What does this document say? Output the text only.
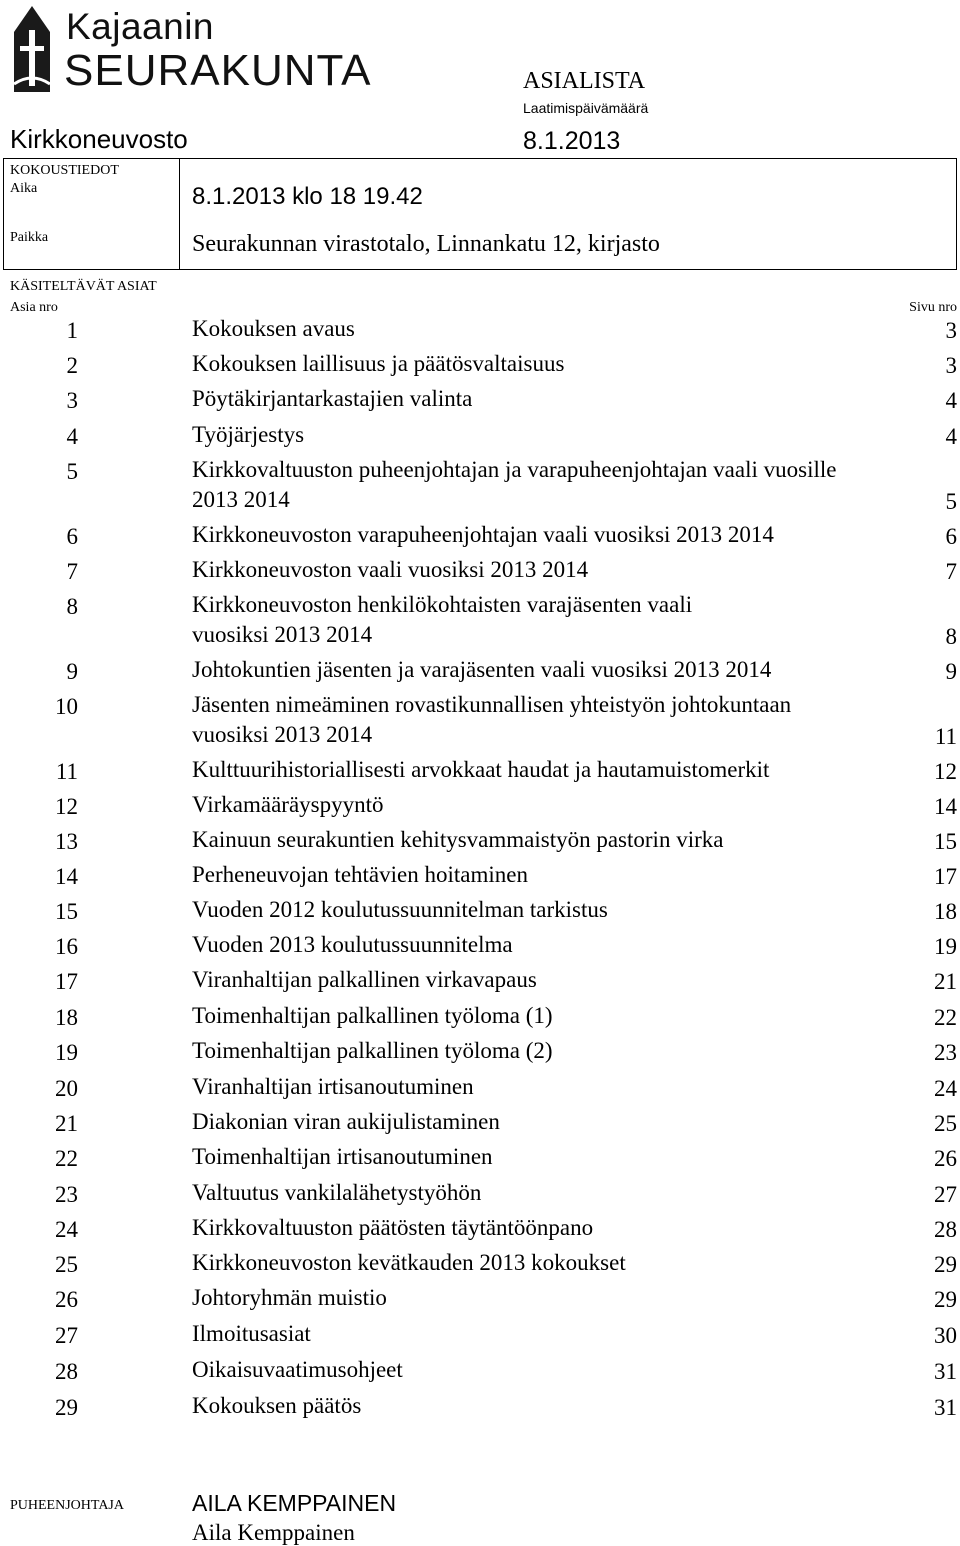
Kajaanin
SEURAKUNTA	ASIALISTA
Laatimispäivämäärä
Kirkkoneuvosto	8.1.2013
KOKOUSTIEDOT
Aika	8.1.2013 klo 18 19.42
Paikka	Seurakunnan virastotalo, Linnankatu 12, kirjasto
KÄSITELTÄVÄT ASIAT
Asia nro	Sivu nro
1	Kokouksen avaus	3
2	Kokouksen laillisuus ja päätösvaltaisuus	3
3	Pöytäkirjantarkastajien valinta	4
4	Työjärjestys	4
5	Kirkkovaltuuston puheenjohtajan ja varapuheenjohtajan vaali vuosille
2013 2014	5
6	Kirkkoneuvoston varapuheenjohtajan vaali vuosiksi 2013 2014	6
7	Kirkkoneuvoston vaali vuosiksi 2013 2014	7
8	Kirkkoneuvoston henkilökohtaisten varajäsenten vaali
vuosiksi 2013 2014	8
9	Johtokuntien jäsenten ja varajäsenten vaali vuosiksi 2013 2014	9
10	Jäsenten nimeäminen rovastikunnallisen yhteistyön johtokuntaan
vuosiksi 2013 2014	11
11	Kulttuurihistoriallisesti arvokkaat haudat ja hautamuistomerkit	12
12	Virkamääräyspyyntö	14
13	Kainuun seurakuntien kehitysvammaistyön pastorin virka	15
14	Perheneuvojan tehtävien hoitaminen	17
15	Vuoden 2012 koulutussuunnitelman tarkistus	18
16	Vuoden 2013 koulutussuunnitelma	19
17	Viranhaltijan palkallinen virkavapaus	21
18	Toimenhaltijan palkallinen työloma (1)	22
19	Toimenhaltijan palkallinen työloma (2)	23
20	Viranhaltijan irtisanoutuminen	24
21	Diakonian viran aukijulistaminen	25
22	Toimenhaltijan irtisanoutuminen	26
23	Valtuutus vankilalähetystyöhön	27
24	Kirkkovaltuuston päätösten täytäntöönpano	28
25	Kirkkoneuvoston kevätkauden 2013 kokoukset	29
26	Johtoryhmän muistio	29
27	Ilmoitusasiat	30
28	Oikaisuvaatimusohjeet	31
29	Kokouksen päätös	31
PUHEENJOHTAJA	AILA KEMPPAINEN
Aila Kemppainen
